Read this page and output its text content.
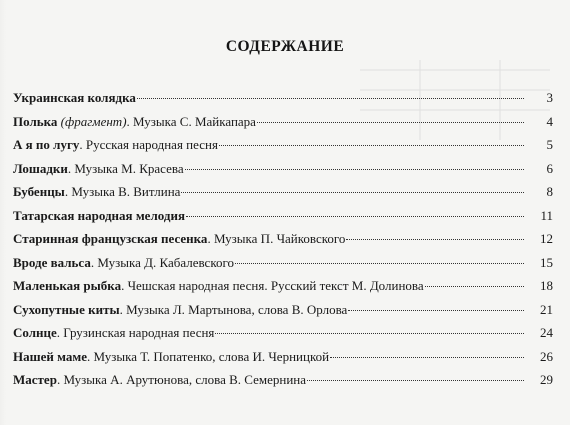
СОДЕРЖАНИЕ
Украинская колядка	3
Полька (фрагмент). Музыка С. Майкапара	4
А я по лугу. Русская народная песня	5
Лошадки. Музыка М. Красева	6
Бубенцы. Музыка В. Витлина	8
Татарская народная мелодия	11
Старинная французская песенка. Музыка П. Чайковского	12
Вроде вальса. Музыка Д. Кабалевского	15
Маленькая рыбка. Чешская народная песня. Русский текст М. Долинова	18
Сухопутные киты. Музыка Л. Мартынова, слова В. Орлова	21
Солнце. Грузинская народная песня	24
Нашей маме. Музыка Т. Попатенко, слова И. Черницкой	26
Мастер. Музыка А. Арутюнова, слова В. Семернина	29
